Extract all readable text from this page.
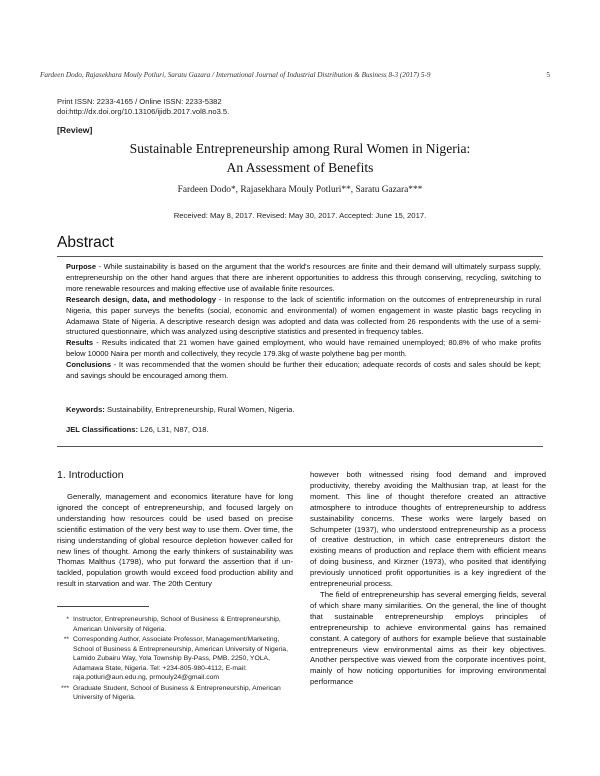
Fardeen Dodo, Rajasekhara Mouly Potluri, Saratu Gazara / International Journal of Industrial Distribution & Business 8-3 (2017) 5-9	5
Print ISSN: 2233-4165 / Online ISSN: 2233-5382
doi:http://dx.doi.org/10.13106/ijidb.2017.vol8.no3.5.
[Review]
Sustainable Entrepreneurship among Rural Women in Nigeria:
An Assessment of Benefits
Fardeen Dodo*, Rajasekhara Mouly Potluri**, Saratu Gazara***
Received: May 8, 2017. Revised: May 30, 2017. Accepted: June 15, 2017.
Abstract

Purpose - While sustainability is based on the argument that the world's resources are finite and their demand will ultimately surpass supply, entrepreneurship on the other hand argues that there are inherent opportunities to address this through conserving, recycling, switching to more renewable resources and making effective use of available finite resources.

Research design, data, and methodology - In response to the lack of scientific information on the outcomes of entrepreneurship in rural Nigeria, this paper surveys the benefits (social, economic and environmental) of women engagement in waste plastic bags recycling in Adamawa State of Nigeria. A descriptive research design was adopted and data was collected from 26 respondents with the use of a semi-structured questionnaire, which was analyzed using descriptive statistics and presented in frequency tables.

Results - Results indicated that 21 women have gained employment, who would have remained unemployed; 80.8% of who make profits below 10000 Naira per month and collectively, they recycle 179.3kg of waste polythene bag per month.

Conclusions - It was recommended that the women should be further their education; adequate records of costs and sales should be kept; and savings should be encouraged among them.

Keywords: Sustainability, Entrepreneurship, Rural Women, Nigeria.
JEL Classifications: L26, L31, N87, O18.
1. Introduction

Generally, management and economics literature have for long ignored the concept of entrepreneurship, and focused largely on understanding how resources could be used based on precise scientific estimation of the very best way to use them. Over time, the rising understanding of global resource depletion however called for new lines of thought. Among the early thinkers of sustainability was Thomas Malthus (1798), who put forward the assertion that if un-tackled, population growth would exceed food production ability and result in starvation and war. The 20th Century

* Instructor, Entrepreneurship, School of Business & Entrepreneurship, American University of Nigeria.
** Corresponding Author, Associate Professor, Management/Marketing, School of Business & Entrepreneurship, American University of Nigeria, Lamido Zubairu Way, Yola Township By-Pass, PMB. 2250, YOLA, Adamawa State, Nigeria. Tel: +234-805-980-4112, E-mail: raja.potluri@aun.edu.ng, prmouly24@gmail.com
*** Graduate Student, School of Business & Entrepreneurship, American University of Nigeria.

however both witnessed rising food demand and improved productivity, thereby avoiding the Malthusian trap, at least for the moment. This line of thought therefore created an attractive atmosphere to introduce thoughts of entrepreneurship to address sustainability concerns. These works were largely based on Schumpeter (1937), who understood entrepreneurship as a process of creative destruction, in which case entrepreneurs distort the existing means of production and replace them with efficient means of doing business, and Kirzner (1973), who posited that identifying previously unnoticed profit opportunities is a key ingredient of the entrepreneurial process.

The field of entrepreneurship has several emerging fields, several of which share many similarities. On the general, the line of thought that sustainable entrepreneurship employs principles of entrepreneurship to achieve environmental gains has remained constant. A category of authors for example believe that sustainable entrepreneurs view environmental aims as their key objectives. Another perspective was viewed from the corporate incentives point, mainly of how noticing opportunities for improving environmental performance
